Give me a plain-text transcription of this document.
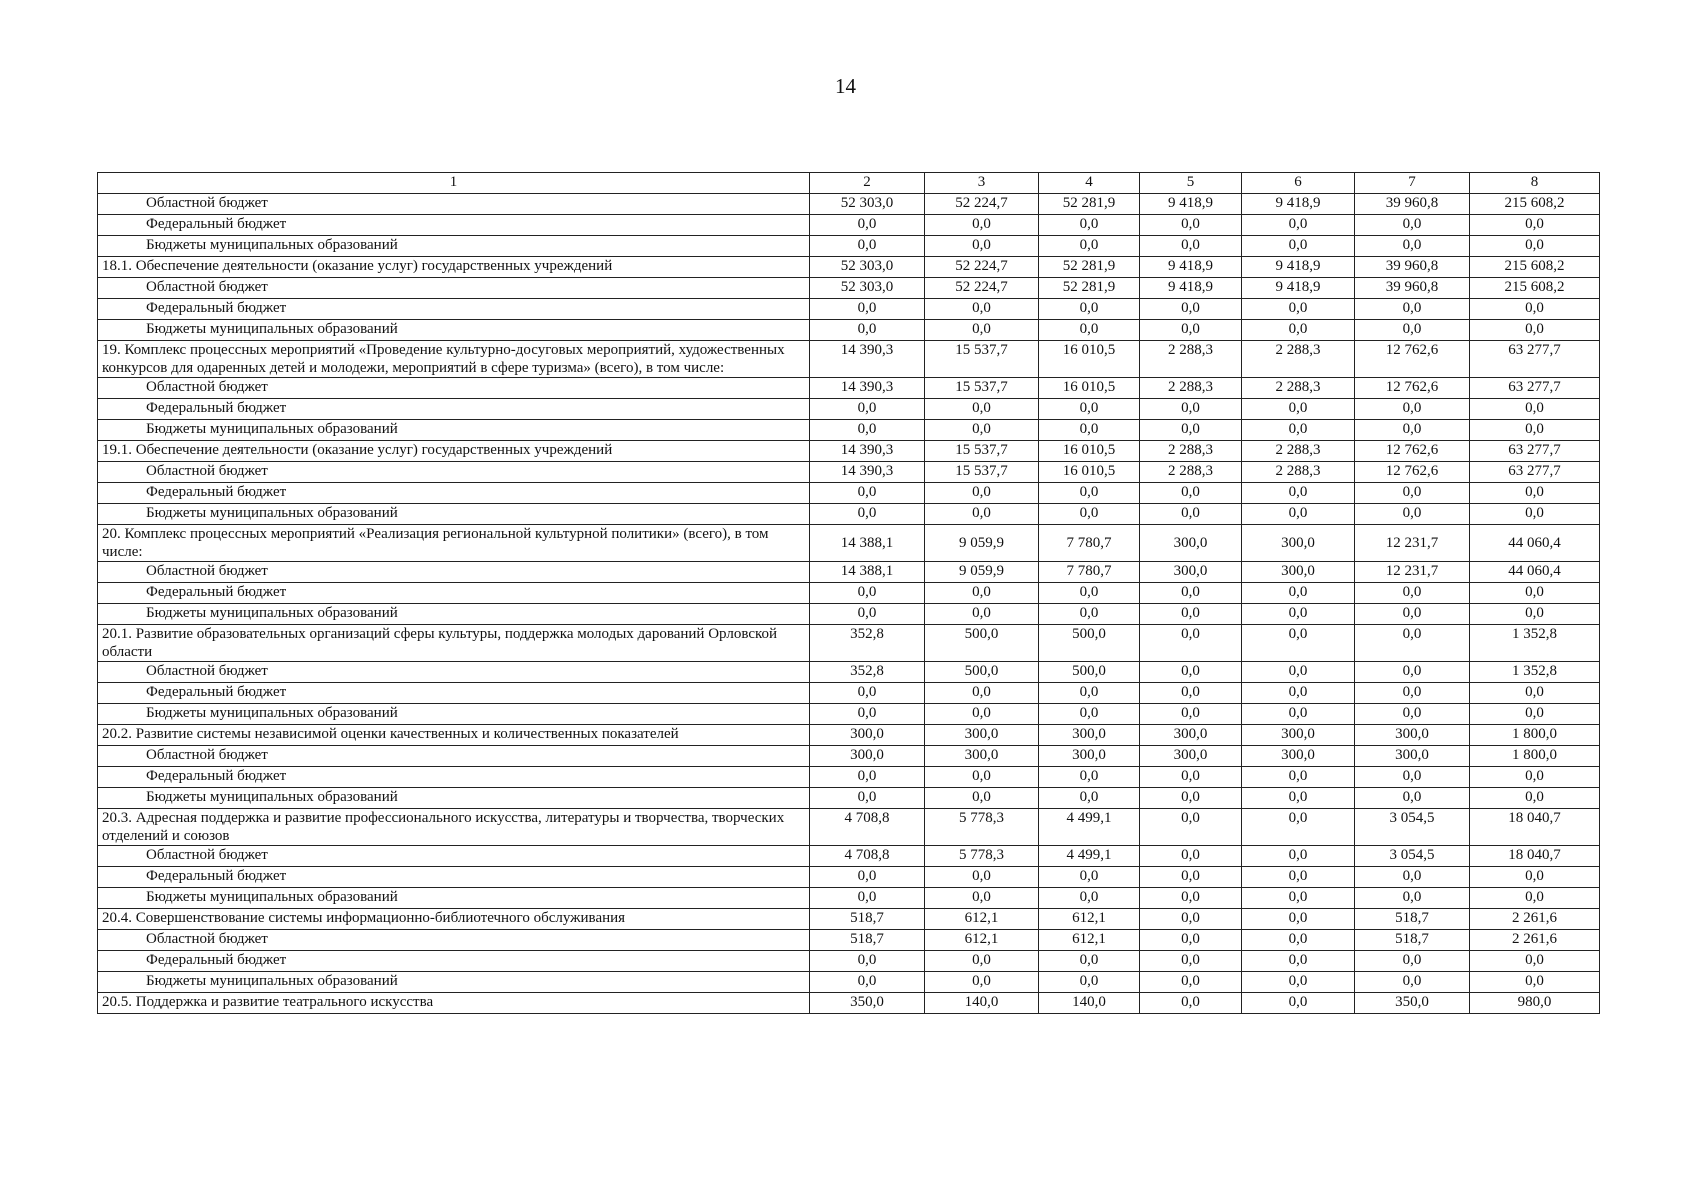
14
1	2	3	4	5	6	7	8
Областной бюджет	52 303,0	52 224,7	52 281,9	9 418,9	9 418,9	39 960,8	215 608,2
Федеральный бюджет	0,0	0,0	0,0	0,0	0,0	0,0	0,0
Бюджеты муниципальных образований	0,0	0,0	0,0	0,0	0,0	0,0	0,0
18.1. Обеспечение деятельности (оказание услуг) государственных учреждений	52 303,0	52 224,7	52 281,9	9 418,9	9 418,9	39 960,8	215 608,2
Областной бюджет	52 303,0	52 224,7	52 281,9	9 418,9	9 418,9	39 960,8	215 608,2
Федеральный бюджет	0,0	0,0	0,0	0,0	0,0	0,0	0,0
Бюджеты муниципальных образований	0,0	0,0	0,0	0,0	0,0	0,0	0,0
19. Комплекс процессных мероприятий «Проведение культурно-досуговых мероприятий, художественных конкурсов для одаренных детей и молодежи, мероприятий в сфере туризма» (всего), в том числе:	14 390,3	15 537,7	16 010,5	2 288,3	2 288,3	12 762,6	63 277,7
Областной бюджет	14 390,3	15 537,7	16 010,5	2 288,3	2 288,3	12 762,6	63 277,7
Федеральный бюджет	0,0	0,0	0,0	0,0	0,0	0,0	0,0
Бюджеты муниципальных образований	0,0	0,0	0,0	0,0	0,0	0,0	0,0
19.1. Обеспечение деятельности (оказание услуг) государственных учреждений	14 390,3	15 537,7	16 010,5	2 288,3	2 288,3	12 762,6	63 277,7
Областной бюджет	14 390,3	15 537,7	16 010,5	2 288,3	2 288,3	12 762,6	63 277,7
Федеральный бюджет	0,0	0,0	0,0	0,0	0,0	0,0	0,0
Бюджеты муниципальных образований	0,0	0,0	0,0	0,0	0,0	0,0	0,0
20. Комплекс процессных мероприятий «Реализация региональной культурной политики» (всего), в том числе:	14 388,1	9 059,9	7 780,7	300,0	300,0	12 231,7	44 060,4
Областной бюджет	14 388,1	9 059,9	7 780,7	300,0	300,0	12 231,7	44 060,4
Федеральный бюджет	0,0	0,0	0,0	0,0	0,0	0,0	0,0
Бюджеты муниципальных образований	0,0	0,0	0,0	0,0	0,0	0,0	0,0
20.1. Развитие образовательных организаций сферы культуры, поддержка молодых дарований Орловской области	352,8	500,0	500,0	0,0	0,0	0,0	1 352,8
Областной бюджет	352,8	500,0	500,0	0,0	0,0	0,0	1 352,8
Федеральный бюджет	0,0	0,0	0,0	0,0	0,0	0,0	0,0
Бюджеты муниципальных образований	0,0	0,0	0,0	0,0	0,0	0,0	0,0
20.2. Развитие системы независимой оценки качественных и количественных показателей	300,0	300,0	300,0	300,0	300,0	300,0	1 800,0
Областной бюджет	300,0	300,0	300,0	300,0	300,0	300,0	1 800,0
Федеральный бюджет	0,0	0,0	0,0	0,0	0,0	0,0	0,0
Бюджеты муниципальных образований	0,0	0,0	0,0	0,0	0,0	0,0	0,0
20.3. Адресная поддержка и развитие профессионального искусства, литературы и творчества, творческих отделений и союзов	4 708,8	5 778,3	4 499,1	0,0	0,0	3 054,5	18 040,7
Областной бюджет	4 708,8	5 778,3	4 499,1	0,0	0,0	3 054,5	18 040,7
Федеральный бюджет	0,0	0,0	0,0	0,0	0,0	0,0	0,0
Бюджеты муниципальных образований	0,0	0,0	0,0	0,0	0,0	0,0	0,0
20.4. Совершенствование системы информационно-библиотечного обслуживания	518,7	612,1	612,1	0,0	0,0	518,7	2 261,6
Областной бюджет	518,7	612,1	612,1	0,0	0,0	518,7	2 261,6
Федеральный бюджет	0,0	0,0	0,0	0,0	0,0	0,0	0,0
Бюджеты муниципальных образований	0,0	0,0	0,0	0,0	0,0	0,0	0,0
20.5. Поддержка и развитие театрального искусства	350,0	140,0	140,0	0,0	0,0	350,0	980,0
